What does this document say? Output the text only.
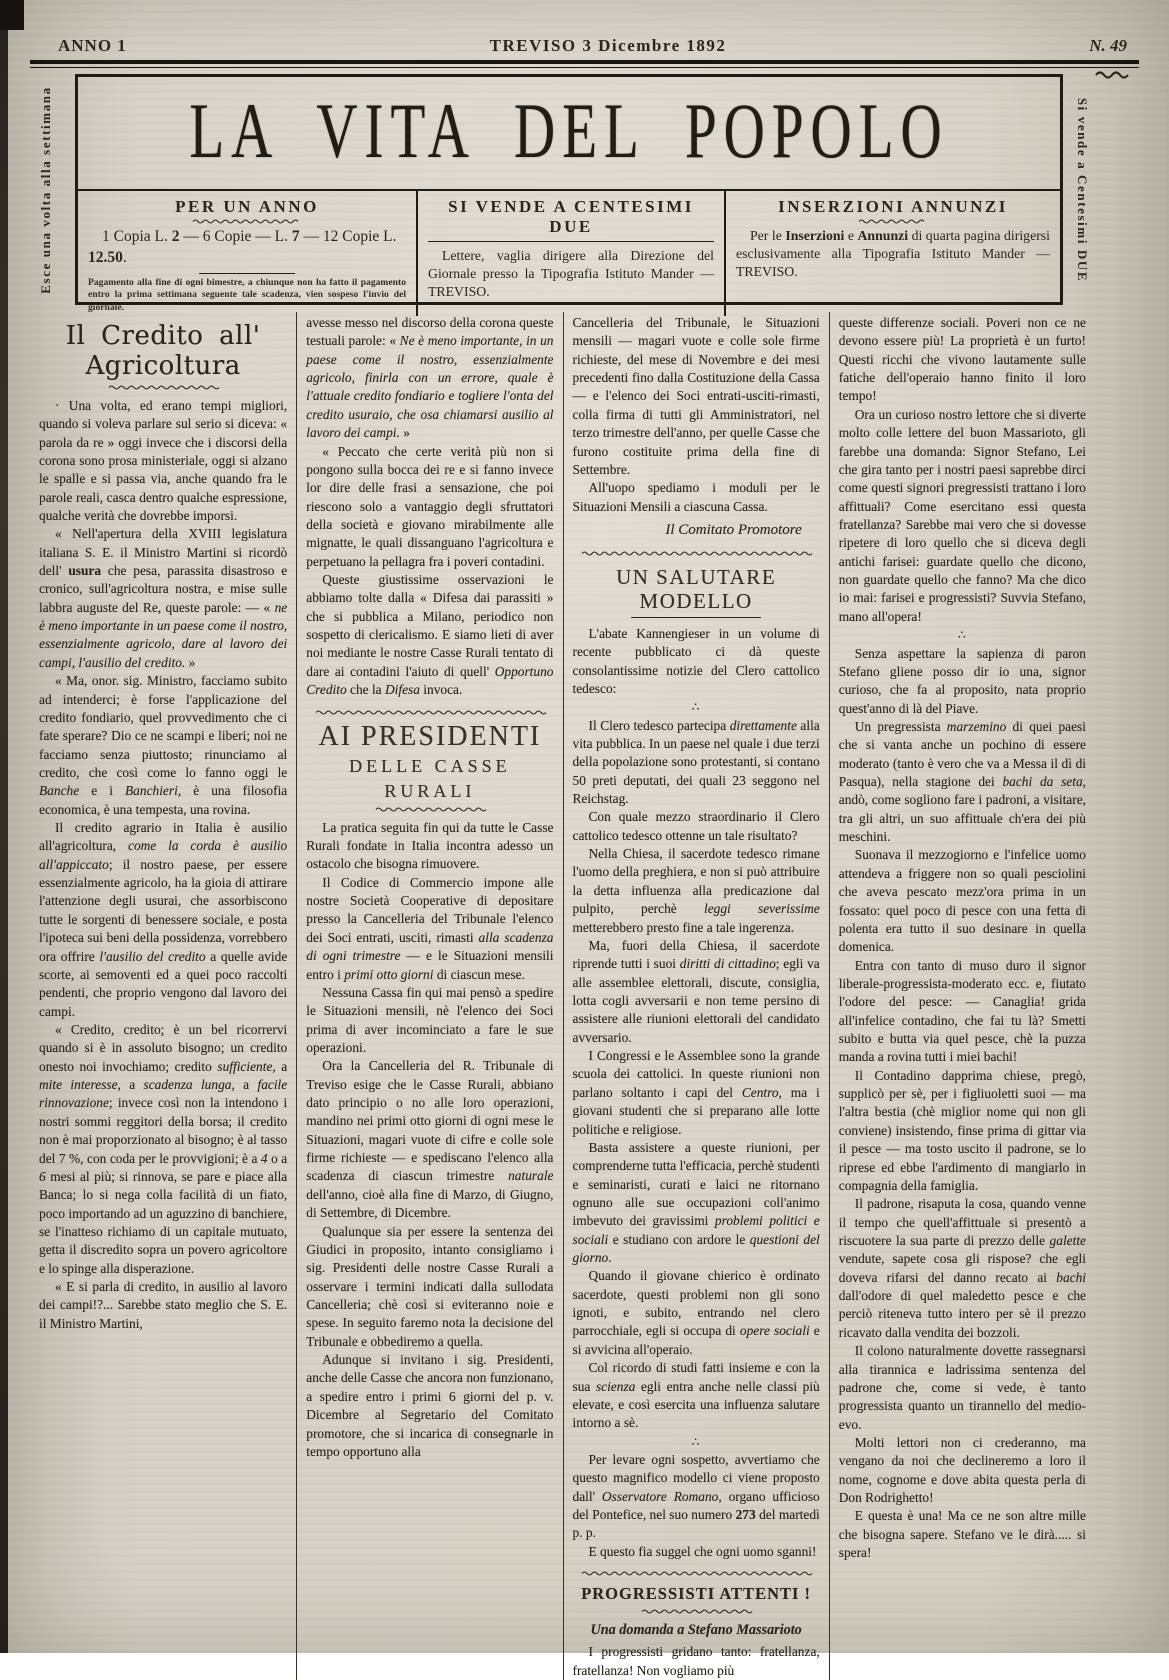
ANNO 1	TREVISO 3 Dicembre 1892	N. 49
Esce una volta alla settimana	Si vende a Centesimi DUE
LA VITA DEL POPOLO
PER UN ANNO
1 Copia L. 2 — 6 Copie — L. 7 — 12 Copie L. 12.50.
Pagamento alla fine di ogni bimestre, a chiunque non ha fatto il pagamento entro la prima settimana seguente tale scadenza, vien sospeso l'invio del giornale.
SI VENDE A CENTESIMI DUE
Lettere, vaglia dirigere alla Direzione del Giornale presso la Tipografia Istituto Mander — TREVISO.
INSERZIONI ANNUNZI
Per le Inserzioni e Annunzi di quarta pagina dirigersi esclusivamente alla Tipografia Istituto Mander — TREVISO.
Il Credito all' Agricoltura

· Una volta, ed erano tempi migliori, quando si voleva parlare sul serio si diceva: « parola da re » oggi invece che i discorsi della corona sono prosa ministeriale, oggi si alzano le spalle e si passa via, anche quando fra le parole reali, casca dentro qualche espressione, qualche verità che dovrebbe imporsi.

« Nell'apertura della XVIII legislatura italiana S. E. il Ministro Martini si ricordò dell' usura che pesa, parassita disastroso e cronico, sull'agricoltura nostra, e mise sulle labbra auguste del Re, queste parole: — « ne è meno importante in un paese come il nostro, essenzialmente agricolo, dare al lavoro dei campi, l'ausilio del credito. »

« Ma, onor. sig. Ministro, facciamo subito ad intenderci; è forse l'applicazione del credito fondiario, quel provvedimento che ci fate sperare? Dio ce ne scampi e liberi; noi ne facciamo senza piuttosto; rinunciamo al credito, che così come lo fanno oggi le Banche e i Banchieri, è una filosofia economica, è una tempesta, una rovina.

Il credito agrario in Italia è ausilio all'agricoltura, come la corda è ausilio all'appiccato; il nostro paese, per essere essenzialmente agricolo, ha la gioia di attirare l'attenzione degli usurai, che assorbiscono tutte le sorgenti di benessere sociale, e posta l'ipoteca sui beni della possidenza, vorrebbero ora offrire l'ausilio del credito a quelle avide scorte, ai semoventi ed a quei poco raccolti pendenti, che proprio vengono dal lavoro dei campi.

« Credito, credito; è un bel ricorrervi quando si è in assoluto bisogno; un credito onesto noi invochiamo; credito sufficiente, a mite interesse, a scadenza lunga, a facile rinnovazione; invece così non la intendono i nostri sommi reggitori della borsa; il credito non è mai proporzionato al bisogno; è al tasso del 7 %, con coda per le provvigioni; è a 4 o a 6 mesi al più; si rinnova, se pare e piace alla Banca; lo si nega colla facilità di un fiato, poco importando ad un aguzzino di banchiere, se l'inatteso richiamo di un capitale mutuato, getta il discredito sopra un povero agricoltore e lo spinge alla disperazione.

« E si parla di credito, in ausilio al lavoro dei campi!?... Sarebbe stato meglio che S. E. il Ministro Martini,

avesse messo nel discorso della corona queste testuali parole: « Ne è meno importante, in un paese come il nostro, essenzialmente agricolo, finirla con un errore, quale è l'attuale credito fondiario e togliere l'onta del credito usuraio, che osa chiamarsi ausilio al lavoro dei campi. »

« Peccato che certe verità più non si pongono sulla bocca dei re e si fanno invece lor dire delle frasi a sensazione, che poi riescono solo a vantaggio degli sfruttatori della società e giovano mirabilmente alle mignatte, le quali dissanguano l'agricoltura e perpetuano la pellagra fra i poveri contadini.

Queste giustissime osservazioni le abbiamo tolte dalla « Difesa dai parassiti » che si pubblica a Milano, periodico non sospetto di clericalismo. E siamo lieti di aver noi mediante le nostre Casse Rurali tentato di dare ai contadini l'aiuto di quell' Opportuno Credito che la Difesa invoca.

AI PRESIDENTI
DELLE CASSE RURALI

La pratica seguita fin qui da tutte le Casse Rurali fondate in Italia incontra adesso un ostacolo che bisogna rimuovere.

Il Codice di Commercio impone alle nostre Società Cooperative di depositare presso la Cancelleria del Tribunale l'elenco dei Soci entrati, usciti, rimasti alla scadenza di ogni trimestre — e le Situazioni mensili entro i primi otto giorni di ciascun mese.

Nessuna Cassa fin qui mai pensò a spedire le Situazioni mensili, nè l'elenco dei Soci prima di aver incominciato a fare le sue operazioni.

Ora la Cancelleria del R. Tribunale di Treviso esige che le Casse Rurali, abbiano dato principio o no alle loro operazioni, mandino nei primi otto giorni di ogni mese le Situazioni, magari vuote di cifre e colle sole firme richieste — e spediscano l'elenco alla scadenza di ciascun trimestre naturale dell'anno, cioè alla fine di Marzo, di Giugno, di Settembre, di Dicembre.

Qualunque sia per essere la sentenza dei Giudici in proposito, intanto consigliamo i sig. Presidenti delle nostre Casse Rurali a osservare i termini indicati dalla sullodata Cancelleria; chè così si eviteranno noie e spese. In seguito faremo nota la decisione del Tribunale e obbediremo a quella.

Adunque si invitano i sig. Presidenti, anche delle Casse che ancora non funzionano, a spedire entro i primi 6 giorni del p. v. Dicembre al Segretario del Comitato promotore, che si incarica di consegnarle in tempo opportuno alla

Cancelleria del Tribunale, le Situazioni mensili — magari vuote e colle sole firme richieste, del mese di Novembre e dei mesi precedenti fino dalla Costituzione della Cassa — e l'elenco dei Soci entrati-usciti-rimasti, colla firma di tutti gli Amministratori, nel terzo trimestre dell'anno, per quelle Casse che furono costituite prima della fine di Settembre.

All'uopo spediamo i moduli per le Situazioni Mensili a ciascuna Cassa.

Il Comitato Promotore
UN SALUTARE MODELLO

L'abate Kannengieser in un volume di recente pubblicato ci dà queste consolantissime notizie del Clero cattolico tedesco:

∴

Il Clero tedesco partecipa direttamente alla vita pubblica. In un paese nel quale i due terzi della popolazione sono protestanti, si contano 50 preti deputati, dei quali 23 seggono nel Reichstag.

Con quale mezzo straordinario il Clero cattolico tedesco ottenne un tale risultato?

Nella Chiesa, il sacerdote tedesco rimane l'uomo della preghiera, e non si può attribuire la detta influenza alla predicazione dal pulpito, perchè leggi severissime metterebbero presto fine a tale ingerenza.

Ma, fuori della Chiesa, il sacerdote riprende tutti i suoi diritti di cittadino; egli va alle assemblee elettorali, discute, consiglia, lotta cogli avversarii e non teme persino di assistere alle riunioni elettorali del candidato avversario.

I Congressi e le Assemblee sono la grande scuola dei cattolici. In queste riunioni non parlano soltanto i capi del Centro, ma i giovani studenti che si preparano alle lotte politiche e religiose.

Basta assistere a queste riunioni, per comprenderne tutta l'efficacia, perchè studenti e seminaristi, curati e laici ne ritornano ognuno alle sue occupazioni coll'animo imbevuto dei gravissimi problemi politici e sociali e studiano con ardore le questioni del giorno.

Quando il giovane chierico è ordinato sacerdote, questi problemi non gli sono ignoti, e subito, entrando nel clero parrocchiale, egli si occupa di opere sociali e si avvicina all'operaio.

Col ricordo di studi fatti insieme e con la sua scienza egli entra anche nelle classi più elevate, e così esercita una influenza salutare intorno a sè.

∴

Per levare ogni sospetto, avvertiamo che questo magnifico modello ci viene proposto dall' Osservatore Romano, organo ufficioso del Pontefice, nel suo numero 273 del martedì p. p.

E questo fia suggel che ogni uomo sganni!

PROGRESSISTI ATTENTI !
Una domanda a Stefano Massarioto

I progressisti gridano tanto: fratellanza, fratellanza! Non vogliamo più

queste differenze sociali. Poveri non ce ne devono essere più! La proprietà è un furto! Questi ricchi che vivono lautamente sulle fatiche dell'operaio hanno finito il loro tempo!

Ora un curioso nostro lettore che si diverte molto colle lettere del buon Massarioto, gli farebbe una domanda: Signor Stefano, Lei che gira tanto per i nostri paesi saprebbe dirci come questi signori pregressisti trattano i loro affittuali? Come esercitano essi questa fratellanza? Sarebbe mai vero che si dovesse ripetere di loro quello che si diceva degli antichi farisei: guardate quello che dicono, non guardate quello che fanno? Ma che dico io mai: farisei e progressisti? Suvvia Stefano, mano all'opera!

∴

Senza aspettare la sapienza di paron Stefano gliene posso dir io una, signor curioso, che fa al proposito, nata proprio quest'anno di là del Piave.

Un pregressista marzemino di quei paesi che si vanta anche un pochino di essere moderato (tanto è vero che va a Messa il dì di Pasqua), nella stagione dei bachi da seta, andò, come sogliono fare i padroni, a visitare, tra gli altri, un suo affittuale ch'era dei più meschini.

Suonava il mezzogiorno e l'infelice uomo attendeva a friggere non so quali pesciolini che aveva pescato mezz'ora prima in un fossato: quel poco di pesce con una fetta di polenta era tutto il suo desinare in quella domenica.

Entra con tanto di muso duro il signor liberale-progressista-moderato ecc. e, fiutato l'odore del pesce: — Canaglia! grida all'infelice contadino, che fai tu là? Smetti subito e butta via quel pesce, chè la puzza manda a rovina tutti i miei bachi!

Il Contadino dapprima chiese, pregò, supplicò per sè, per i figliuoletti suoi — ma l'altra bestia (chè miglior nome qui non gli conviene) insistendo, finse prima di gittar via il pesce — ma tosto uscito il padrone, se lo riprese ed ebbe l'ardimento di mangiarlo in compagnia della famiglia.

Il padrone, risaputa la cosa, quando venne il tempo che quell'affittuale si presentò a riscuotere la sua parte di prezzo delle galette vendute, sapete cosa gli rispose? che egli doveva rifarsi del danno recato ai bachi dall'odore di quel maledetto pesce e che perciò riteneva tutto intero per sè il prezzo ricavato dalla vendita dei bozzoli.

Il colono naturalmente dovette rassegnarsi alla tirannica e ladrissima sentenza del padrone che, come si vede, è tanto progressista quanto un tirannello del medio-evo.

Molti lettori non ci crederanno, ma vengano da noi che declineremo a loro il nome, cognome e dove abita questa perla di Don Rodrighetto!

E questa è una! Ma ce ne son altre mille che bisogna sapere. Stefano ve le dirà..... si spera!
